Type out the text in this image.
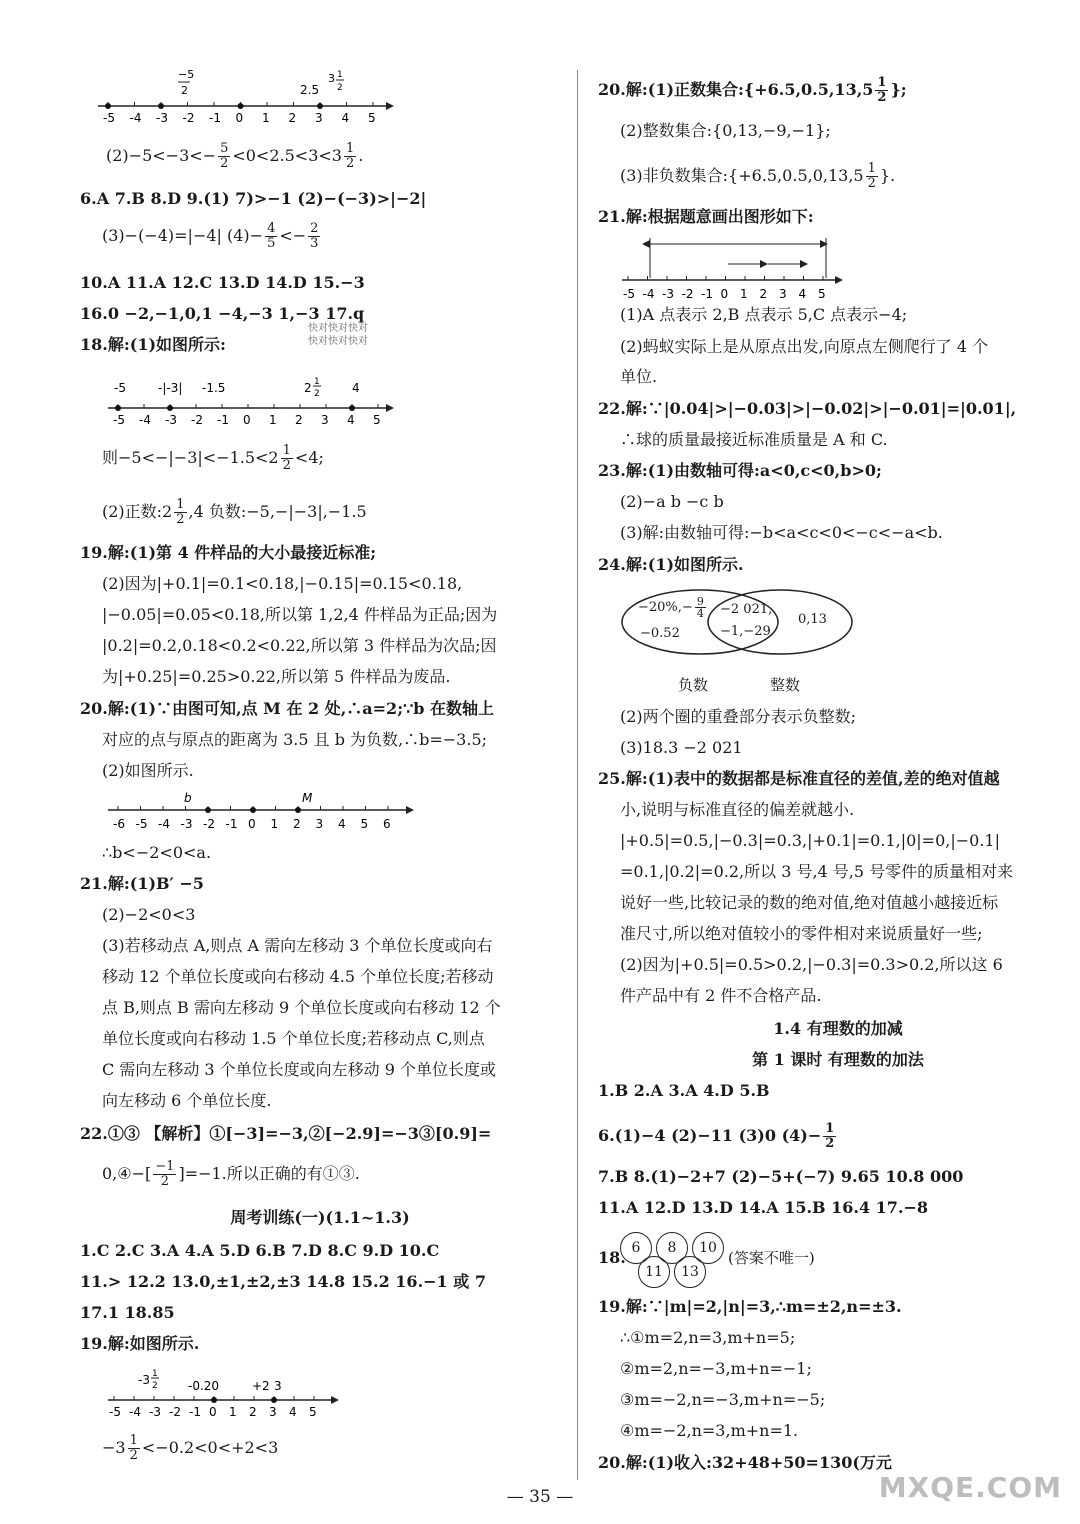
-5 -4 -3 -2 -1 0 1 2 3 4 5
−5
2	2.5
3 1
2
$(2)-5<-3<- \frac{5}{2} <0<2.5<3<3 \frac{1}{2}$ .
6.A 7.B 8.D 9.(1) 7)>−1 (2)−(−3)>|−2|
(3)−(−4)=|−4| $(4)- \frac{4}{5} <- \frac{2}{3}$
快对快对快对
快对快对快对
10.A 11.A 12.C 13.D 14.D 15.−3
16.0 −2,−1,0,1 −4,−3 1,−3 17.q
18.解:(1)如图所示:
-5 -4 -3 -2 -1 0 1 2 3 4 5
-5	-|-3| -1.5	2 1
2	4
则$-5<-|-3|<-1.5<2 \frac{1}{2} <4$;
(2)正数:2 $\frac{1}{2} ,4$ 负数:−5,−|−3|,−1.5
19.解:(1)第 4 件样品的大小最接近标准;
(2)因为|+0.1|=0.1<0.18,|−0.15|=0.15<0.18,
|−0.05|=0.05<0.18,所以第 1,2,4 件样品为正品;因为
|0.2|=0.2,0.18<0.2<0.22,所以第 3 件样品为次品;因
为|+0.25|=0.25>0.22,所以第 5 件样品为废品.
20.解:(1)∵由图可知,点 M 在 2 处,∴a=2;∵b 在数轴上
对应的点与原点的距离为 3.5 且 b 为负数,∴b=−3.5;
(2)如图所示.
-6 -5 -4 -3 -2 -1 0 1 2 3 4 5 6
b	M
∴b<−2<0<a.
21.解:(1)B′ −5
(2)−2<0<3
(3)若移动点 A,则点 A 需向左移动 3 个单位长度或向右
移动 12 个单位长度或向右移动 4.5 个单位长度;若移动
点 B,则点 B 需向左移动 9 个单位长度或向右移动 12 个
单位长度或向右移动 1.5 个单位长度;若移动点 C,则点
C 需向左移动 3 个单位长度或向左移动 9 个单位长度或
向左移动 6 个单位长度.
22.①③ 【解析】①[−3]=−3,②[−2.9]=−3③[0.9]=
0,④−[ $\frac{-1}{2} ]=-1$.所以正确的有①③.
周考训练(一)(1.1~1.3)
1.C 2.C 3.A 4.A 5.D 6.B 7.D 8.C 9.D 10.C
11.> 12.2 13.0,±1,±2,±3 14.8 15.2 16.−1 或 7
17.1 18.85
19.解:如图所示.
-5 -4 -3 -2 -1 0 1 2 3 4 5
-3 1
2	-0.20	+2 3
$-3 \frac{1}{2} <-0.2<0<+2<3$
20.解:(1)正数集合:{+6.5,0.5,13,5 $\frac{1}{2}$ };
(2)整数集合:{0,13,−9,−1};
(3)非负数集合:{+6.5,0.5,0,13,5 $\frac{1}{2}$ }.
21.解:根据题意画出图形如下:
-5 -4 -3 -2 -1 0 1 2 3 4 5
(1)A 点表示 2,B 点表示 5,C 点表示−4;
(2)蚂蚁实际上是从原点出发,向原点左侧爬行了 4 个
单位.
22.解:∵|0.04|>|−0.03|>|−0.02|>|−0.01|=|0.01|,
∴球的质量最接近标准质量是 A 和 C.
23.解:(1)由数轴可得:a<0,c<0,b>0;
(2)−a b −c b
(3)解:由数轴可得:−b<a<c<0<−c<−a<b.
24.解:(1)如图所示.
$-20\%,- \frac{9}{4}$
−0.52
−2 021,
−1,−29
0,13
负数	整数
(2)两个圈的重叠部分表示负整数;
(3)18.3 −2 021
25.解:(1)表中的数据都是标准直径的差值,差的绝对值越
小,说明与标准直径的偏差就越小.
|+0.5|=0.5,|−0.3|=0.3,|+0.1|=0.1,|0|=0,|−0.1|
=0.1,|0.2|=0.2,所以 3 号,4 号,5 号零件的质量相对来
说好一些,比较记录的数的绝对值,绝对值越小越接近标
准尺寸,所以绝对值较小的零件相对来说质量好一些;
(2)因为|+0.5|=0.5>0.2,|−0.3|=0.3>0.2,所以这 6
件产品中有 2 件不合格产品.
1.4 有理数的加减
第 1 课时 有理数的加法
1.B 2.A 3.A 4.D 5.B
6.(1)−4 (2)−11 (3)0 $(4)- \frac{1}{2}$
7.B 8.(1)−2+7 (2)−5+(−7) 9.65 10.8 000
11.A 12.D 13.D 14.A 15.B 16.4 17.−8
18. 6	8	10
11	13
(答案不唯一)
19.解:∵|m|=2,|n|=3,∴m=±2,n=±3.
∴①m=2,n=3,m+n=5;
②m=2,n=−3,m+n=−1;
③m=−2,n=−3,m+n=−5;
④m=−2,n=3,m+n=1.
20.解:(1)收入:32+48+50=130(万元
— 35 —	MXQE.COM
